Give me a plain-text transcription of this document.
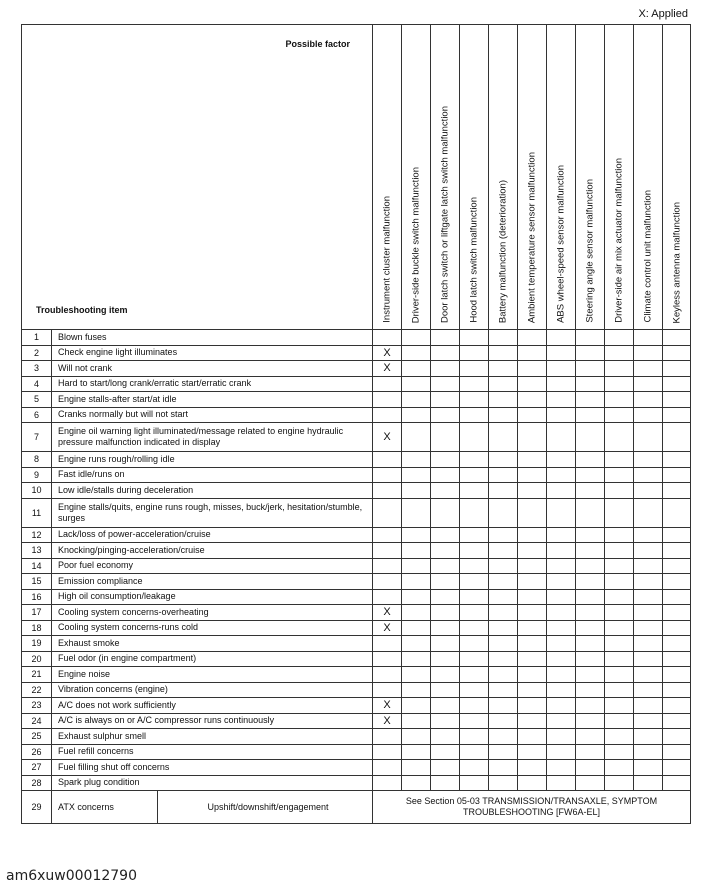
X: Applied
Possible factor
Troubleshooting item			Instrument cluster malfunction	Driver-side buckle switch malfunction	Door latch switch or liftgate latch switch malfunction	Hood latch switch malfunction	Battery malfunction (deterioration)	Ambient temperature sensor malfunction	ABS wheel-speed sensor malfunction	Steering angle sensor malfunction	Driver-side air mix actuator malfunction	Climate control unit malfunction	Keyless antenna malfunction

1	Blown fuses												
2	Check engine light illuminates		X										
3	Will not crank		X										
4	Hard to start/long crank/erratic start/erratic crank												
5	Engine stalls-after start/at idle												
6	Cranks normally but will not start												
7	Engine oil warning light illuminated/message related to engine hydraulic pressure malfunction indicated in display		X										
8	Engine runs rough/rolling idle												
9	Fast idle/runs on												
10	Low idle/stalls during deceleration												
11	Engine stalls/quits, engine runs rough, misses, buck/jerk, hesitation/stumble, surges												
12	Lack/loss of power-acceleration/cruise												
13	Knocking/pinging-acceleration/cruise												
14	Poor fuel economy												
15	Emission compliance												
16	High oil consumption/leakage												
17	Cooling system concerns-overheating		X										
18	Cooling system concerns-runs cold		X										
19	Exhaust smoke												
20	Fuel odor (in engine compartment)												
21	Engine noise												
22	Vibration concerns (engine)												
23	A/C does not work sufficiently		X										
24	A/C is always on or A/C compressor runs continuously		X										
25	Exhaust sulphur smell												
26	Fuel refill concerns												
27	Fuel filling shut off concerns												
28	Spark plug condition												
29	ATX concerns	Upshift/downshift/engagement	See Section 05-03 TRANSMISSION/TRANSAXLE, SYMPTOM TROUBLESHOOTING [FW6A-EL]										
am6xuw00012790
